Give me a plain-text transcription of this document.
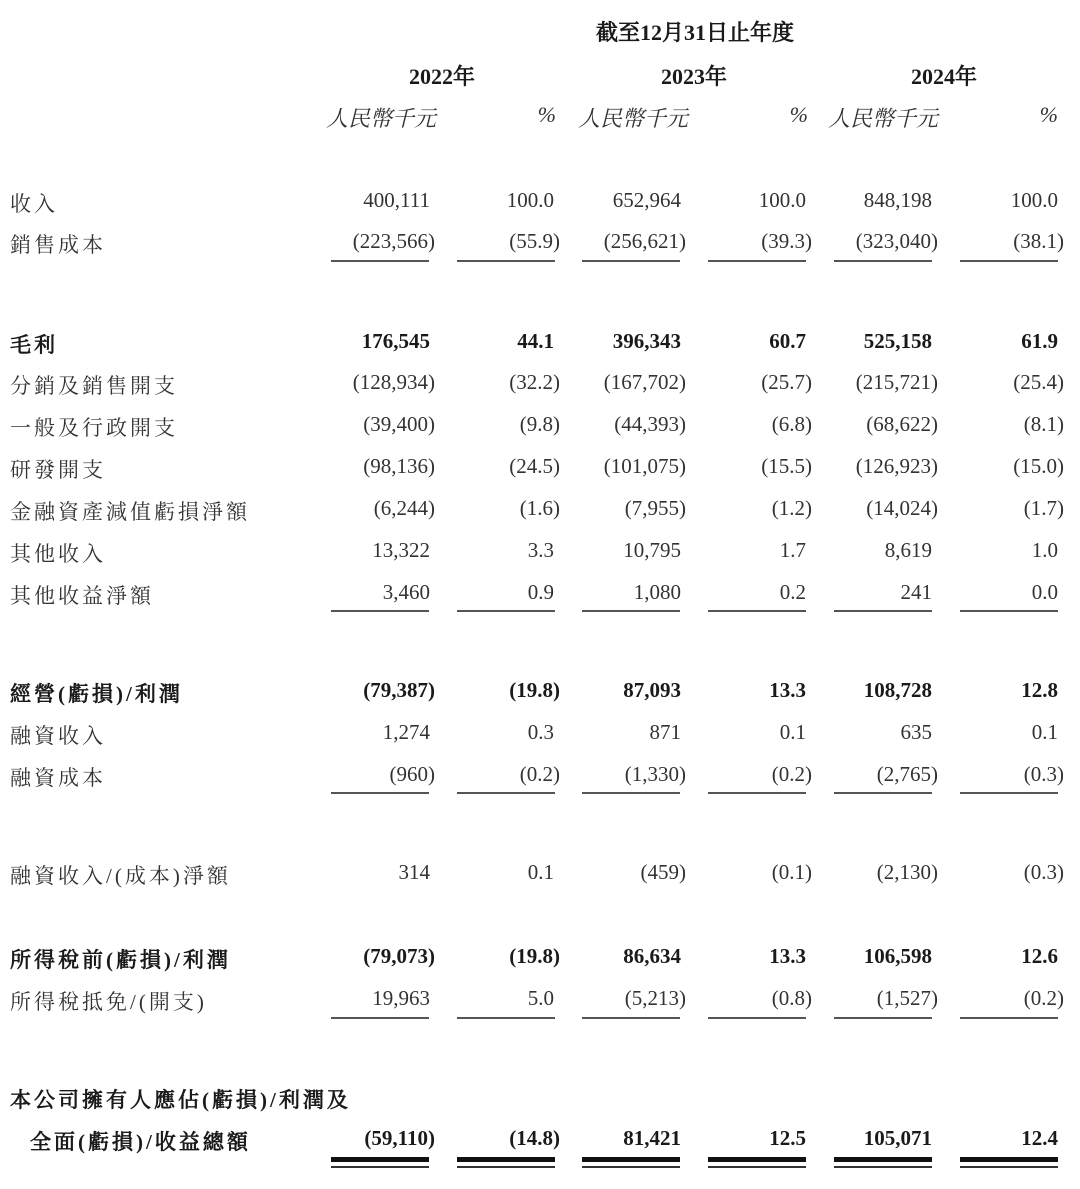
截至12月31日止年度
2022年	2023年	2024年
人民幣千元	% 人民幣千元	% 人民幣千元	%
收入	400,111	100.0	652,964	100.0	848,198	100.0
銷售成本	(223,566)	(55.9)	(256,621)	(39.3)	(323,040)	(38.1)
毛利	176,545	44.1	396,343	60.7	525,158	61.9
分銷及銷售開支	(128,934)	(32.2)	(167,702)	(25.7)	(215,721)	(25.4)
一般及行政開支	(39,400)	(9.8)	(44,393)	(6.8)	(68,622)	(8.1)
研發開支	(98,136)	(24.5)	(101,075)	(15.5)	(126,923)	(15.0)
金融資產減值虧損淨額	(6,244)	(1.6)	(7,955)	(1.2)	(14,024)	(1.7)
其他收入	13,322	3.3	10,795	1.7	8,619	1.0
其他收益淨額	3,460	0.9	1,080	0.2	241	0.0
經營(虧損)/利潤	(79,387)	(19.8)	87,093	13.3	108,728	12.8
融資收入	1,274	0.3	871	0.1	635	0.1
融資成本	(960)	(0.2)	(1,330)	(0.2)	(2,765)	(0.3)
融資收入/(成本)淨額	314	0.1	(459)	(0.1)	(2,130)	(0.3)
所得稅前(虧損)/利潤	(79,073)	(19.8)	86,634	13.3	106,598	12.6
所得稅抵免/(開支)	19,963	5.0	(5,213)	(0.8)	(1,527)	(0.2)
本公司擁有人應佔(虧損)/利潤及
全面(虧損)/收益總額	(59,110)	(14.8)	81,421	12.5	105,071	12.4
